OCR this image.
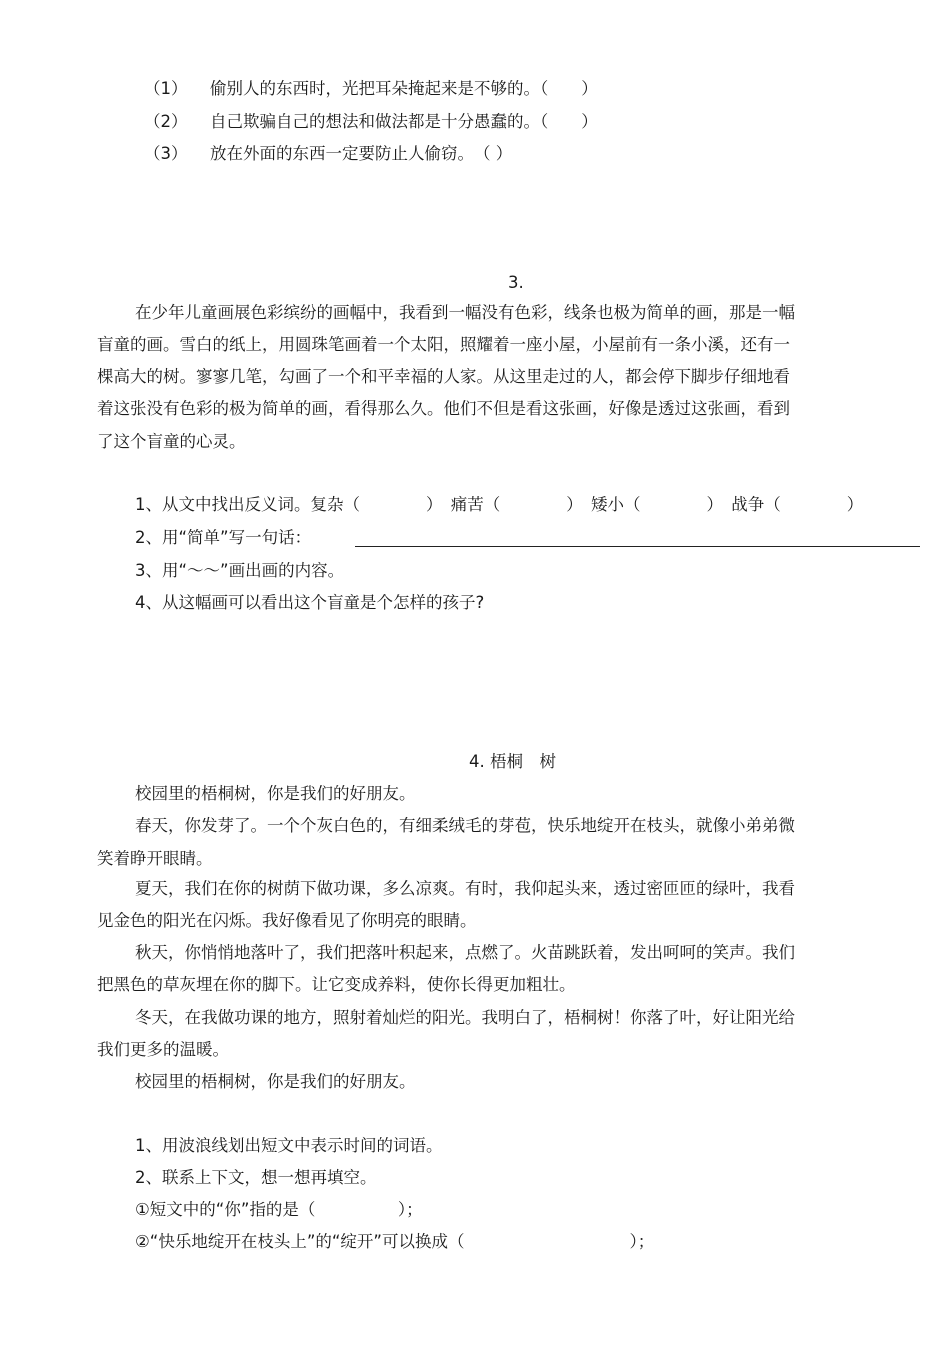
（1） 偷别人的东西时，光把耳朵掩起来是不够的。（　　）
（2） 自己欺骗自己的想法和做法都是十分愚蠢的。（　　）
（3） 放在外面的东西一定要防止人偷窃。　（ ）
3.
在少年儿童画展色彩缤纷的画幅中，我看到一幅没有色彩，线条也极为简单的画，那是一幅
盲童的画。雪白的纸上，用圆珠笔画着一个太阳，照耀着一座小屋，小屋前有一条小溪，还有一
棵高大的树。寥寥几笔，勾画了一个和平幸福的人家。从这里走过的人，都会停下脚步仔细地看
着这张没有色彩的极为简单的画，看得那么久。他们不但是看这张画，好像是透过这张画，看到
了这个盲童的心灵。
1、从文中找出反义词。复杂（　　　　）　痛苦（　　　　）　矮小（　　　　）　战争（　　　　）
2、用“简单”写一句话：
3、用“～～”画出画的内容。
4、从这幅画可以看出这个盲童是个怎样的孩子?
4. 梧桐　树
校园里的梧桐树，你是我们的好朋友。
春天，你发芽了。一个个灰白色的，有细柔绒毛的芽苞，快乐地绽开在枝头，就像小弟弟微
笑着睁开眼睛。
夏天，我们在你的树荫下做功课，多么凉爽。有时，我仰起头来，透过密匝匝的绿叶，我看
见金色的阳光在闪烁。我好像看见了你明亮的眼睛。
秋天，你悄悄地落叶了，我们把落叶积起来，点燃了。火苗跳跃着，发出呵呵的笑声。我们
把黑色的草灰埋在你的脚下。让它变成养料，使你长得更加粗壮。
冬天，在我做功课的地方，照射着灿烂的阳光。我明白了，梧桐树！你落了叶，好让阳光给
我们更多的温暖。
校园里的梧桐树，你是我们的好朋友。
1、用波浪线划出短文中表示时间的词语。
2、联系上下文，想一想再填空。
①短文中的“你”指的是（　　　　　）；
②“快乐地绽开在枝头上”的“绽开”可以换成（　　　　　　　　　　）；
